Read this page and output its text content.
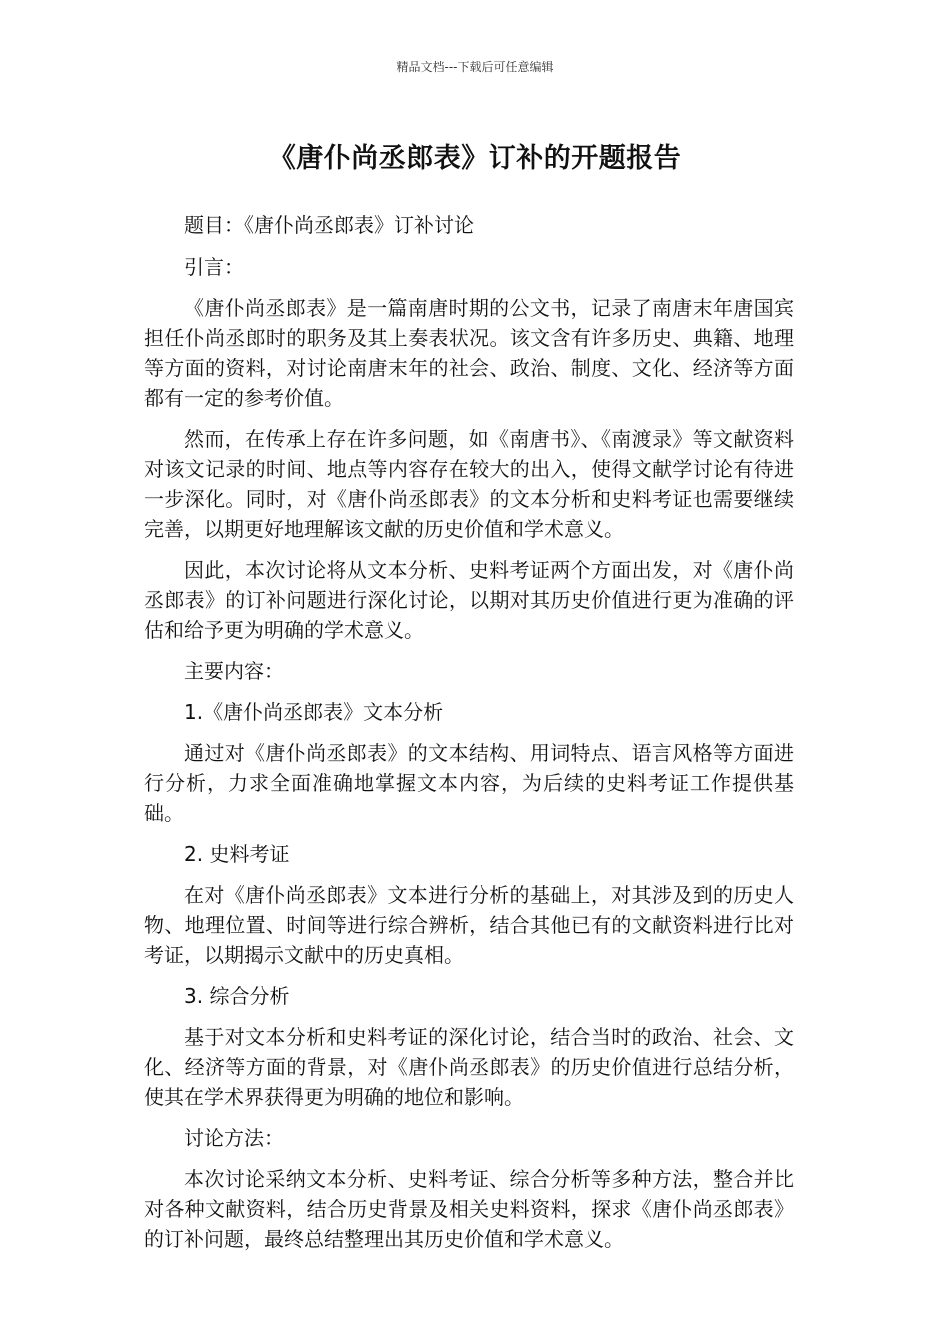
精品文档---下载后可任意编辑
《唐仆尚丞郎表》订补的开题报告

题目：《唐仆尚丞郎表》订补讨论

引言：

《唐仆尚丞郎表》是一篇南唐时期的公文书，记录了南唐末年唐国宾担任仆尚丞郎时的职务及其上奏表状况。该文含有许多历史、典籍、地理等方面的资料，对讨论南唐末年的社会、政治、制度、文化、经济等方面都有一定的参考价值。

然而，在传承上存在许多问题，如《南唐书》、《南渡录》等文献资料对该文记录的时间、地点等内容存在较大的出入，使得文献学讨论有待进一步深化。同时，对《唐仆尚丞郎表》的文本分析和史料考证也需要继续完善，以期更好地理解该文献的历史价值和学术意义。

因此，本次讨论将从文本分析、史料考证两个方面出发，对《唐仆尚丞郎表》的订补问题进行深化讨论，以期对其历史价值进行更为准确的评估和给予更为明确的学术意义。

主要内容：

1.《唐仆尚丞郎表》文本分析

通过对《唐仆尚丞郎表》的文本结构、用词特点、语言风格等方面进行分析，力求全面准确地掌握文本内容，为后续的史料考证工作提供基础。

2. 史料考证

在对《唐仆尚丞郎表》文本进行分析的基础上，对其涉及到的历史人物、地理位置、时间等进行综合辨析，结合其他已有的文献资料进行比对考证，以期揭示文献中的历史真相。

3. 综合分析

基于对文本分析和史料考证的深化讨论，结合当时的政治、社会、文化、经济等方面的背景，对《唐仆尚丞郎表》的历史价值进行总结分析，使其在学术界获得更为明确的地位和影响。

讨论方法：

本次讨论采纳文本分析、史料考证、综合分析等多种方法，整合并比对各种文献资料，结合历史背景及相关史料资料，探求《唐仆尚丞郎表》的订补问题，最终总结整理出其历史价值和学术意义。
